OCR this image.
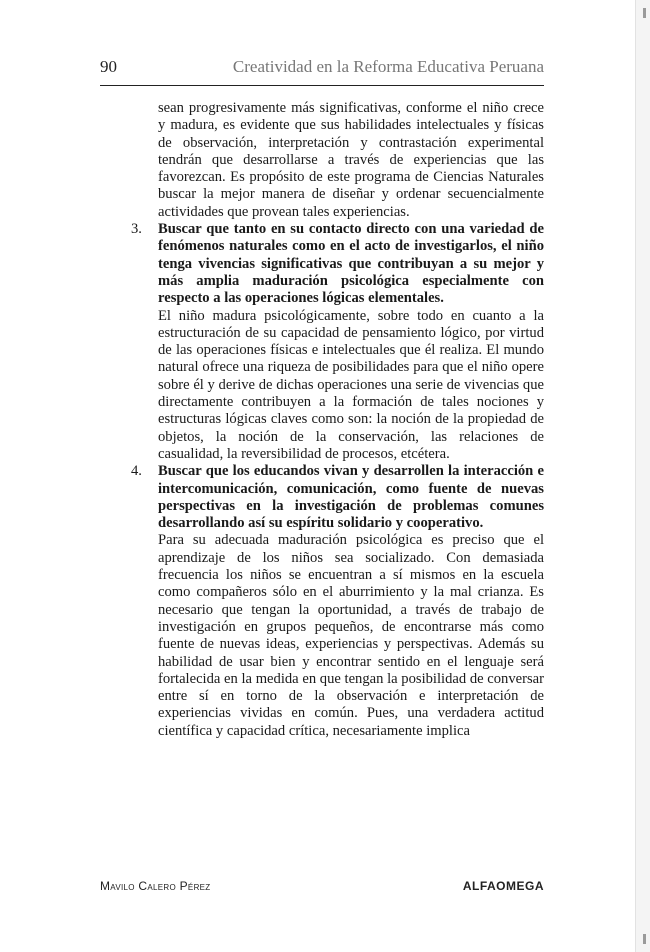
90	Creatividad en la Reforma Educativa Peruana

sean progresivamente más significativas, conforme el niño crece y madura, es evidente que sus habilidades intelectuales y físicas de observación, interpretación y contrastación experimental tendrán que desarrollarse a través de experiencias que las favorezcan. Es propósito de este programa de Ciencias Naturales buscar la mejor manera de diseñar y ordenar secuencialmente actividades que provean tales experiencias.

3. Buscar que tanto en su contacto directo con una variedad de fenómenos naturales como en el acto de investigarlos, el niño tenga vivencias significativas que contribuyan a su mejor y más amplia maduración psicológica especialmente con respecto a las operaciones lógicas elementales.

El niño madura psicológicamente, sobre todo en cuanto a la estructuración de su capacidad de pensamiento lógico, por virtud de las operaciones físicas e intelectuales que él realiza. El mundo natural ofrece una riqueza de posibilidades para que el niño opere sobre él y derive de dichas operaciones una serie de vivencias que directamente contribuyen a la formación de tales nociones y estructuras lógicas claves como son: la noción de la propiedad de objetos, la noción de la conservación, las relaciones de casualidad, la reversibilidad de procesos, etcétera.

4. Buscar que los educandos vivan y desarrollen la interacción e intercomunicación, comunicación, como fuente de nuevas perspectivas en la investigación de problemas comunes desarrollando así su espíritu solidario y cooperativo.

Para su adecuada maduración psicológica es preciso que el aprendizaje de los niños sea socializado. Con demasiada frecuencia los niños se encuentran a sí mismos en la escuela como compañeros sólo en el aburrimiento y la mal crianza. Es necesario que tengan la oportunidad, a través de trabajo de investigación en grupos pequeños, de encontrarse más como fuente de nuevas ideas, experiencias y perspectivas. Además su habilidad de usar bien y encontrar sentido en el lenguaje será fortalecida en la medida en que tengan la posibilidad de conversar entre sí en torno de la observación e interpretación de experiencias vividas en común. Pues, una verdadera actitud científica y capacidad crítica, necesariamente implica

Mavilo Calero Pérez	ALFAOMEGA
